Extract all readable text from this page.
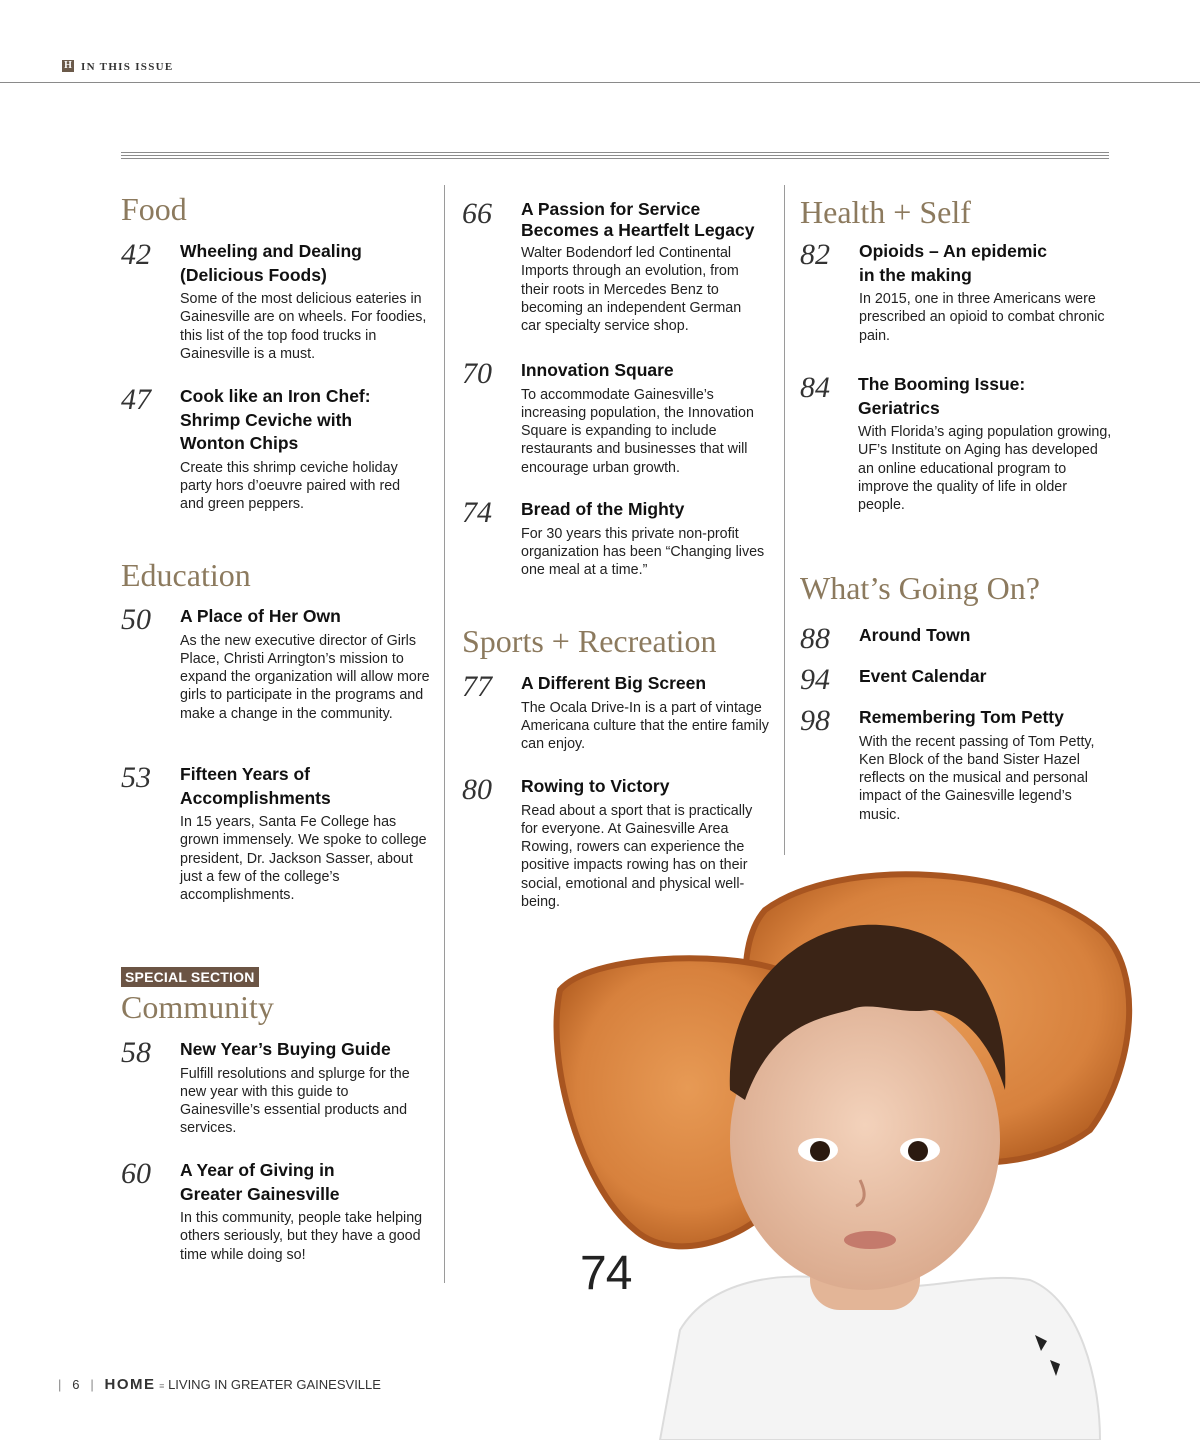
H IN THIS ISSUE
Food
42 Wheeling and Dealing (Delicious Foods)
Some of the most delicious eateries in Gainesville are on wheels. For foodies, this list of the top food trucks in Gainesville is a must.
47 Cook like an Iron Chef: Shrimp Ceviche with Wonton Chips
Create this shrimp ceviche holiday party hors d’oeuvre paired with red and green peppers.
Education
50 A Place of Her Own
As the new executive director of Girls Place, Christi Arrington’s mission to expand the organization will allow more girls to participate in the programs and make a change in the community.
53 Fifteen Years of Accomplishments
In 15 years, Santa Fe College has grown immensely. We spoke to college president, Dr. Jackson Sasser, about just a few of the college’s accomplishments.
SPECIAL SECTION
Community
58 New Year’s Buying Guide
Fulfill resolutions and splurge for the new year with this guide to Gainesville’s essential products and services.
60 A Year of Giving in Greater Gainesville
In this community, people take helping others seriously, but they have a good time while doing so!
66 A Passion for Service Becomes a Heartfelt Legacy
Walter Bodendorf led Continental Imports through an evolution, from their roots in Mercedes Benz to becoming an independent German car specialty service shop.
70 Innovation Square
To accommodate Gainesville’s increasing population, the Innovation Square is expanding to include restaurants and businesses that will encourage urban growth.
74 Bread of the Mighty
For 30 years this private non-profit organization has been “Changing lives one meal at a time.”
Sports + Recreation
77 A Different Big Screen
The Ocala Drive-In is a part of vintage Americana culture that the entire family can enjoy.
80 Rowing to Victory
Read about a sport that is practically for everyone. At Gainesville Area Rowing, rowers can experience the positive impacts rowing has on their social, emotional and physical well-being.
Health + Self
82 Opioids – An epidemic in the making
In 2015, one in three Americans were prescribed an opioid to combat chronic pain.
84 The Booming Issue: Geriatrics
With Florida’s aging population growing, UF’s Institute on Aging has developed an online educational program to improve the quality of life in older people.
What’s Going On?
88 Around Town
94 Event Calendar
98 Remembering Tom Petty
With the recent passing of Tom Petty, Ken Block of the band Sister Hazel reflects on the musical and personal impact of the Gainesville legend’s music.
74
| 6 | HOME ≡ LIVING IN GREATER GAINESVILLE
